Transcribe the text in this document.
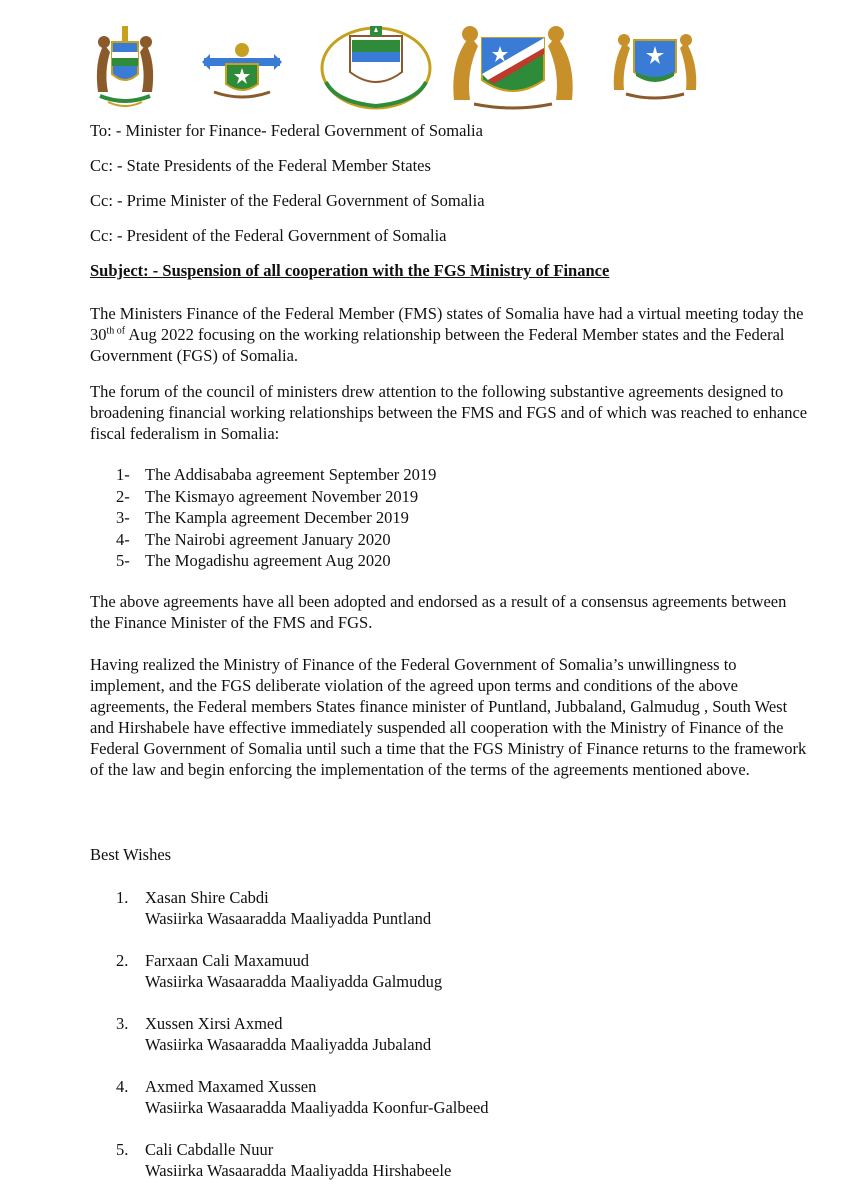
To: - Minister for Finance- Federal Government of Somalia
Cc: - State Presidents of the Federal Member States
Cc: - Prime Minister of the Federal Government of Somalia
Cc: - President of the Federal Government of Somalia
Subject: - Suspension of all cooperation with the FGS Ministry of Finance
The Ministers Finance of the Federal Member (FMS) states of Somalia have had a virtual meeting today the $30^{th of}$ Aug 2022 focusing on the working relationship between the Federal Member states and the Federal Government (FGS) of Somalia.
The forum of the council of ministers drew attention to the following substantive agreements designed to broadening financial working relationships between the FMS and FGS and of which was reached to enhance fiscal federalism in Somalia:
1- The Addisababa agreement September 2019
2- The Kismayo agreement November 2019
3- The Kampla agreement December 2019
4- The Nairobi agreement January 2020
5- The Mogadishu agreement Aug 2020
The above agreements have all been adopted and endorsed as a result of a consensus agreements between the Finance Minister of the FMS and FGS.
Having realized the Ministry of Finance of the Federal Government of Somalia’s unwillingness to implement, and the FGS deliberate violation of the agreed upon terms and conditions of the above agreements, the Federal members States finance minister of Puntland, Jubbaland, Galmudug , South West and Hirshabele have effective immediately suspended all cooperation with the Ministry of Finance of the Federal Government of Somalia until such a time that the FGS Ministry of Finance returns to the framework of the law and begin enforcing the implementation of the terms of the agreements mentioned above.
Best Wishes
1. Xasan Shire Cabdi
Wasiirka Wasaaradda Maaliyadda Puntland
2. Farxaan Cali Maxamuud
Wasiirka Wasaaradda Maaliyadda Galmudug
3. Xussen Xirsi Axmed
Wasiirka Wasaaradda Maaliyadda Jubaland
4. Axmed Maxamed Xussen
Wasiirka Wasaaradda Maaliyadda Koonfur-Galbeed
5. Cali Cabdalle Nuur
Wasiirka Wasaaradda Maaliyadda Hirshabeele
